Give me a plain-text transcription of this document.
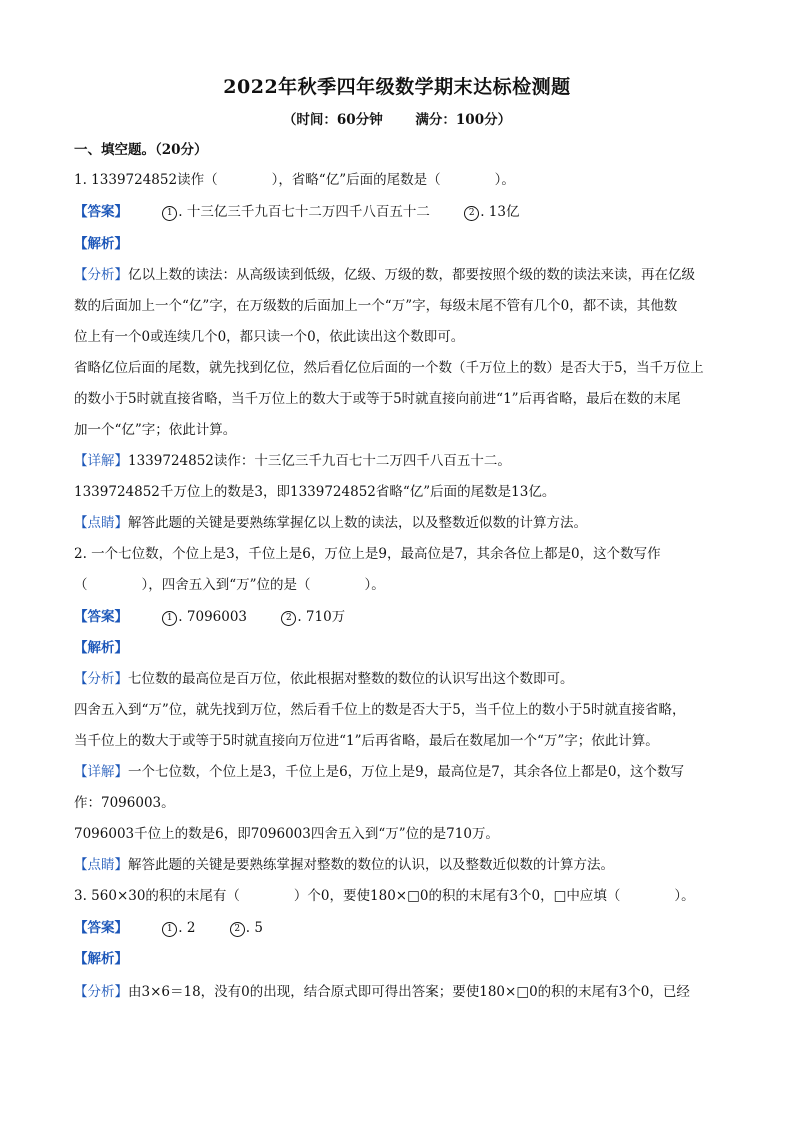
2022年秋季四年级数学期末达标检测题
（时间：60分钟 满分：100分）
一、填空题。（20分）
1. 1339724852读作（　　　　），省略“亿”后面的尾数是（　　　　）。
【答案】	1 . 十三亿三千九百七十二万四千八百五十二	2 . 13亿
【解析】
【分析】亿以上数的读法：从高级读到低级，亿级、万级的数，都要按照个级的数的读法来读，再在亿级
数的后面加上一个“亿”字，在万级数的后面加上一个“万”字，每级末尾不管有几个0，都不读，其他数
位上有一个0或连续几个0，都只读一个0，依此读出这个数即可。
省略亿位后面的尾数，就先找到亿位，然后看亿位后面的一个数（千万位上的数）是否大于5，当千万位上
的数小于5时就直接省略，当千万位上的数大于或等于5时就直接向前进“1”后再省略，最后在数的末尾
加一个“亿”字；依此计算。
【详解】1339724852读作：十三亿三千九百七十二万四千八百五十二。
1339724852千万位上的数是3，即1339724852省略“亿”后面的尾数是13亿。
【点睛】解答此题的关键是要熟练掌握亿以上数的读法，以及整数近似数的计算方法。
2. 一个七位数，个位上是3，千位上是6，万位上是9，最高位是7，其余各位上都是0，这个数写作
（　　　　），四舍五入到“万”位的是（　　　　）。
【答案】	1 . 7096003	2 . 710万
【解析】
【分析】七位数的最高位是百万位，依此根据对整数的数位的认识写出这个数即可。
四舍五入到“万”位，就先找到万位，然后看千位上的数是否大于5，当千位上的数小于5时就直接省略，
当千位上的数大于或等于5时就直接向万位进“1”后再省略，最后在数尾加一个“万”字；依此计算。
【详解】一个七位数，个位上是3，千位上是6，万位上是9，最高位是7，其余各位上都是0，这个数写
作：7096003。
7096003千位上的数是6，即7096003四舍五入到“万”位的是710万。
【点睛】解答此题的关键是要熟练掌握对整数的数位的认识，以及整数近似数的计算方法。
3. 560×30的积的末尾有（　　　　）个0，要使180×□0的积的末尾有3个0，□中应填（　　　　）。
【答案】	1 . 2	2 . 5
【解析】
【分析】由3×6＝18，没有0的出现，结合原式即可得出答案；要使180×□0的积的末尾有3个0，已经
